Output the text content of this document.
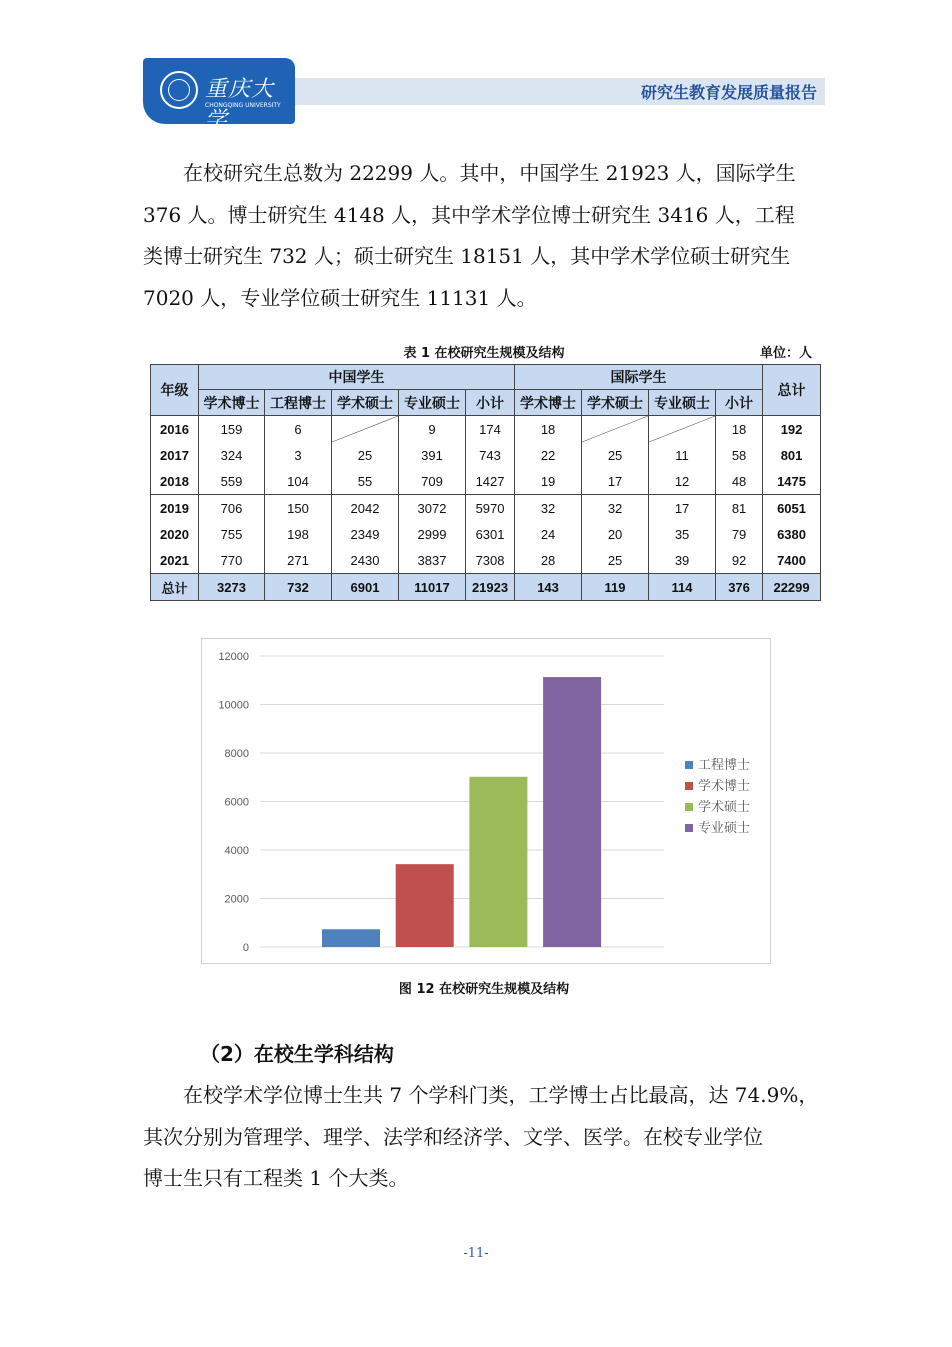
重庆大学
CHONGQING UNIVERSITY
研究生教育发展质量报告
在校研究生总数为 22299 人。其中，中国学生 21923 人，国际学生
376 人。博士研究生 4148 人，其中学术学位博士研究生 3416 人，工程
类博士研究生 732 人；硕士研究生 18151 人，其中学术学位硕士研究生
7020 人，专业学位硕士研究生 11131 人。
表 1 在校研究生规模及结构	单位：人
年级	中国学生					国际学生				总计
	学术博士	工程博士	学术硕士	专业硕士	小计	学术博士	学术硕士	专业硕士	小计	
2016	159	6		9	174	18			18	192
2017	324	3	25	391	743	22	25	11	58	801
2018	559	104	55	709	1427	19	17	12	48	1475
2019	706	150	2042	3072	5970	32	32	17	81	6051
2020	755	198	2349	2999	6301	24	20	35	79	6380
2021	770	271	2430	3837	7308	28	25	39	92	7400
总计	3273	732	6901	11017	21923	143	119	114	376	22299
0
2000
4000
6000
8000
10000
12000
工程博士
学术博士
学术硕士
专业硕士
图 12 在校研究生规模及结构
（2）在校生学科结构
在校学术学位博士生共 7 个学科门类，工学博士占比最高，达 74.9%，
其次分别为管理学、理学、法学和经济学、文学、医学。在校专业学位
博士生只有工程类 1 个大类。
-11-
